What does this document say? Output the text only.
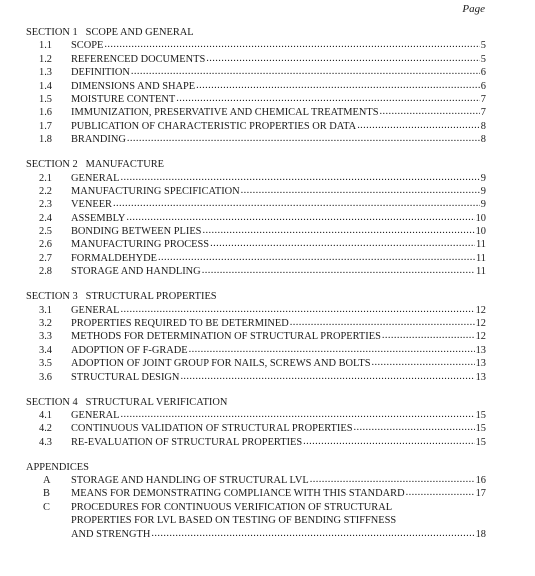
Page
SECTION 1 SCOPE AND GENERAL
1.1	SCOPE .....	5
1.2	REFERENCED DOCUMENTS .....	5
1.3	DEFINITION .....	6
1.4	DIMENSIONS AND SHAPE .....	6
1.5	MOISTURE CONTENT .....	7
1.6	IMMUNIZATION, PRESERVATIVE AND CHEMICAL TREATMENTS .....	7
1.7	PUBLICATION OF CHARACTERISTIC PROPERTIES OR DATA .....	8
1.8	BRANDING .....	8
SECTION 2 MANUFACTURE
2.1	GENERAL .....	9
2.2	MANUFACTURING SPECIFICATION .....	9
2.3	VENEER .....	9
2.4	ASSEMBLY .....	10
2.5	BONDING BETWEEN PLIES .....	10
2.6	MANUFACTURING PROCESS .....	11
2.7	FORMALDEHYDE .....	11
2.8	STORAGE AND HANDLING .....	11
SECTION 3 STRUCTURAL PROPERTIES
3.1	GENERAL .....	12
3.2	PROPERTIES REQUIRED TO BE DETERMINED .....	12
3.3	METHODS FOR DETERMINATION OF STRUCTURAL PROPERTIES .....	12
3.4	ADOPTION OF F-GRADE .....	13
3.5	ADOPTION OF JOINT GROUP FOR NAILS, SCREWS AND BOLTS .....	13
3.6	STRUCTURAL DESIGN .....	13
SECTION 4 STRUCTURAL VERIFICATION
4.1	GENERAL .....	15
4.2	CONTINUOUS VALIDATION OF STRUCTURAL PROPERTIES .....	15
4.3	RE-EVALUATION OF STRUCTURAL PROPERTIES .....	15
APPENDICES
A	STORAGE AND HANDLING OF STRUCTURAL LVL .....	16
B	MEANS FOR DEMONSTRATING COMPLIANCE WITH THIS STANDARD .....	17
C	PROCEDURES FOR CONTINUOUS VERIFICATION OF STRUCTURAL
PROPERTIES FOR LVL BASED ON TESTING OF BENDING STIFFNESS
AND STRENGTH .....	18
